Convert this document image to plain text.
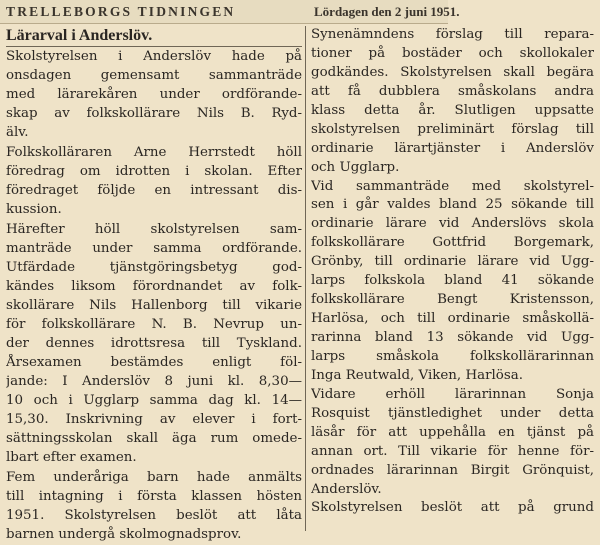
TRELLEBORGS TIDNINGEN	Lördagen den 2 juni 1951.
Lärarval i Anderslöv.
Skolstyrelsen i Anderslöv hade på
onsdagen gemensamt sammanträde
med lärarekåren under ordförande-
skap av folkskollärare Nils B. Ryd-
älv.
Folkskolläraren Arne Herrstedt höll
föredrag om idrotten i skolan. Efter
föredraget följde en intressant dis-
kussion.
Härefter höll skolstyrelsen sam-
manträde under samma ordförande.
Utfärdade tjänstgöringsbetyg god-
kändes liksom förordnandet av folk-
skollärare Nils Hallenborg till vikarie
för folkskollärare N. B. Nevrup un-
der dennes idrottsresa till Tyskland.
Årsexamen bestämdes enligt föl-
jande: I Anderslöv 8 juni kl. 8,30—
10 och i Ugglarp samma dag kl. 14—
15,30. Inskrivning av elever i fort-
sättningsskolan skall äga rum omede-
lbart efter examen.
Fem underåriga barn hade anmälts
till intagning i första klassen hösten
1951. Skolstyrelsen beslöt att låta
barnen undergå skolmognadsprov.
Synenämndens förslag till repara-
tioner på bostäder och skollokaler
godkändes. Skolstyrelsen skall begära
att få dubblera småskolans andra
klass detta år. Slutligen uppsatte
skolstyrelsen preliminärt förslag till
ordinarie lärartjänster i Anderslöv
och Ugglarp.
Vid sammanträde med skolstyrel-
sen i går valdes bland 25 sökande till
ordinarie lärare vid Anderslövs skola
folkskollärare Gottfrid Borgemark,
Grönby, till ordinarie lärare vid Ugg-
larps folkskola bland 41 sökande
folkskollärare Bengt Kristensson,
Harlösa, och till ordinarie småskollä-
rarinna bland 13 sökande vid Ugg-
larps småskola folkskollärarinnan
Inga Reutwald, Viken, Harlösa.
Vidare erhöll lärarinnan Sonja
Rosquist tjänstledighet under detta
läsår för att uppehålla en tjänst på
annan ort. Till vikarie för henne för-
ordnades lärarinnan Birgit Grönquist,
Anderslöv.
Skolstyrelsen beslöt att på grund
